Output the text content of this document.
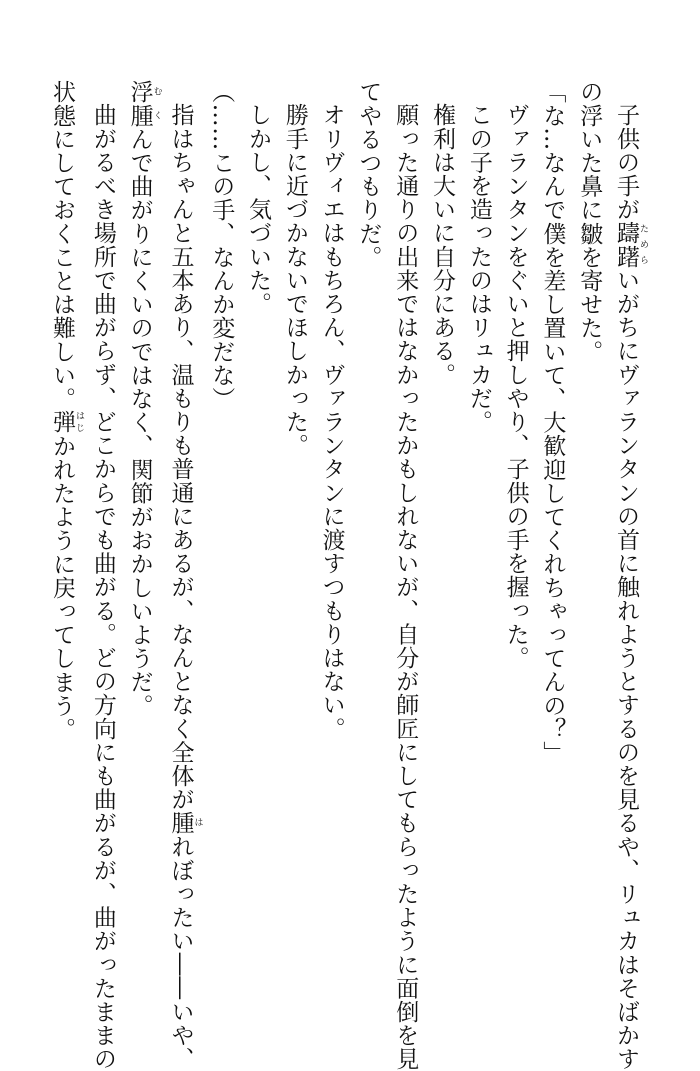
子供の手が躊躇 ためらいがちにヴァランタンの首に触れようとするのを見るや、リュカはそばかす
の浮いた鼻に皺を寄せた。
「な…なんで僕を差し置いて、大歓迎してくれちゃってんの？」
ヴァランタンをぐいと押しやり、子供の手を握った。
この子を造ったのはリュカだ。
権利は大いに自分にある。
願った通りの出来ではなかったかもしれないが、自分が師匠にしてもらったように面倒を見
てやるつもりだ。
オリヴィエはもちろん、ヴァランタンに渡すつもりはない。
勝手に近づかないでほしかった。
しかし、気づいた。
（……この手、なんか変だな）
指はちゃんと五本あり、温もりも普通にあるが、なんとなく全体が腫 はれぼったい――いや、
浮腫 むくんで曲がりにくいのではなく、関節がおかしいようだ。
曲がるべき場所で曲がらず、どこからでも曲がる。どの方向にも曲がるが、曲がったままの
状態にしておくことは難しい。弾 はじかれたように戻ってしまう。
